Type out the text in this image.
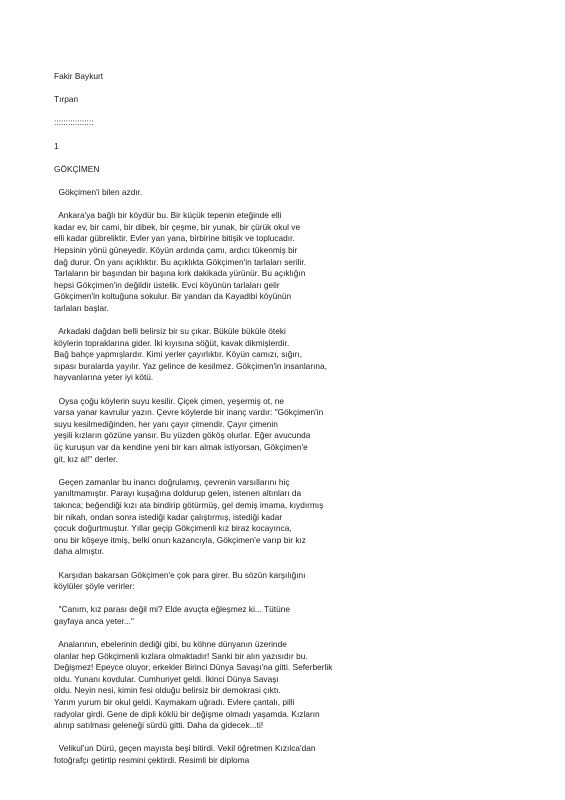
Fakir Baykurt

Tırpan

:::::::::::::::::

1

GÖKÇİMEN

Gökçimen'i bilen azdır.

Ankara'ya bağlı bir köydür bu. Bir küçük tepenin eteğinde elli

kadar ev, bir cami, bir dibek, bir çeşme, bir yunak, bir çürük okul ve

elli kadar gübreliktir. Evler yan yana, birbirine bitişik ve toplucadır.

Hepsinin yönü güneyedir. Köyün ardında çamı, ardıcı tükenmiş bir

dağ durur. Ön yanı açıklıktır. Bu açıklıkta Gökçimen'in tarlaları serilir.

Tarlaların bir başından bir başına kırk dakikada yürünür. Bu açıklığın

hepsi Gökçimen'in değildir üstelik. Evci köyünün tarlaları gelir

Gökçimen'in koltuğuna sokulur. Bir yandan da Kayadibi köyünün

tarlaları başlar.

Arkadaki dağdan belli belirsiz bir su çıkar. Büküle büküle öteki

köylerin topraklarına gider. İki kıyısına söğüt, kavak dikmişlerdir.

Bağ bahçe yapmışlardır. Kimi yerler çayırlıktır. Köyün camızı, sığırı,

sıpası buralarda yayılır. Yaz gelince de kesilmez. Gökçimen'in insanlarına,

hayvanlarına yeter iyi kötü.

Oysa çoğu köylerin suyu kesilir. Çiçek çimen, yeşermiş ot, ne

varsa yanar kavrulur yazın. Çevre köylerde bir inanç vardır: "Gökçimen'in

suyu kesilmediğinden, her yanı çayır çimendir. Çayır çimenin

yeşili kızların gözüne yansır. Bu yüzden gököş olurlar. Eğer avucunda

üç kuruşun var da kendine yeni bir karı almak istiyorsan, Gökçimen'e

git, kız al!" derler.

Geçen zamanlar bu inancı doğrulamış, çevrenin varsıllarını hiç

yanıltmamıştır. Parayı kuşağına doldurup gelen, istenen altınları da

takınca; beğendiği kızı ata bindirip götürmüş, gel demiş imama, kıydırmış

bir nikah, ondan sonra istediği kadar çalıştırmış, istediği kadar

çocuk doğurtmuştur. Yıllar geçip Gökçimenli kız biraz kocayınca,

onu bir köşeye itmiş, belki onun kazancıyla, Gökçimen'e varıp bir kız

daha almıştır.

Karşıdan bakarsan Gökçimen'e çok para girer. Bu sözün karşılığını

köylüler şöyle verirler:

"Canım, kız parası değil mi? Elde avuçta eğleşmez ki... Tütüne

gayfaya anca yeter..."

Analarının, ebelerinin dediği gibi, bu köhne dünyanın üzerinde

olanlar hep Gökçimenli kızlara olmaktadır! Sanki bir alın yazısıdır bu.

Değişmez! Epeyce oluyor, erkekler Birinci Dünya Savaşı'na gitti. Seferberlik

oldu. Yunanı kovdular. Cumhuriyet geldi. İkinci Dünya Savaşı

oldu. Neyin nesi, kimin fesi olduğu belirsiz bir demokrasi çıktı.

Yarım yurum bir okul geldi. Kaymakam uğradı. Evlere çantalı, pilli

radyolar girdi. Gene de dipli köklü bir değişme olmadı yaşamda. Kızların

alınıp satılması geleneği sürdü gitti. Daha da gidecek...ti!

Velikul'un Dürü, geçen mayısta beşi bitirdi. Vekil öğretmen Kızılca'dan

fotoğrafçı getirtip resmini çektirdi. Resimli bir diploma
